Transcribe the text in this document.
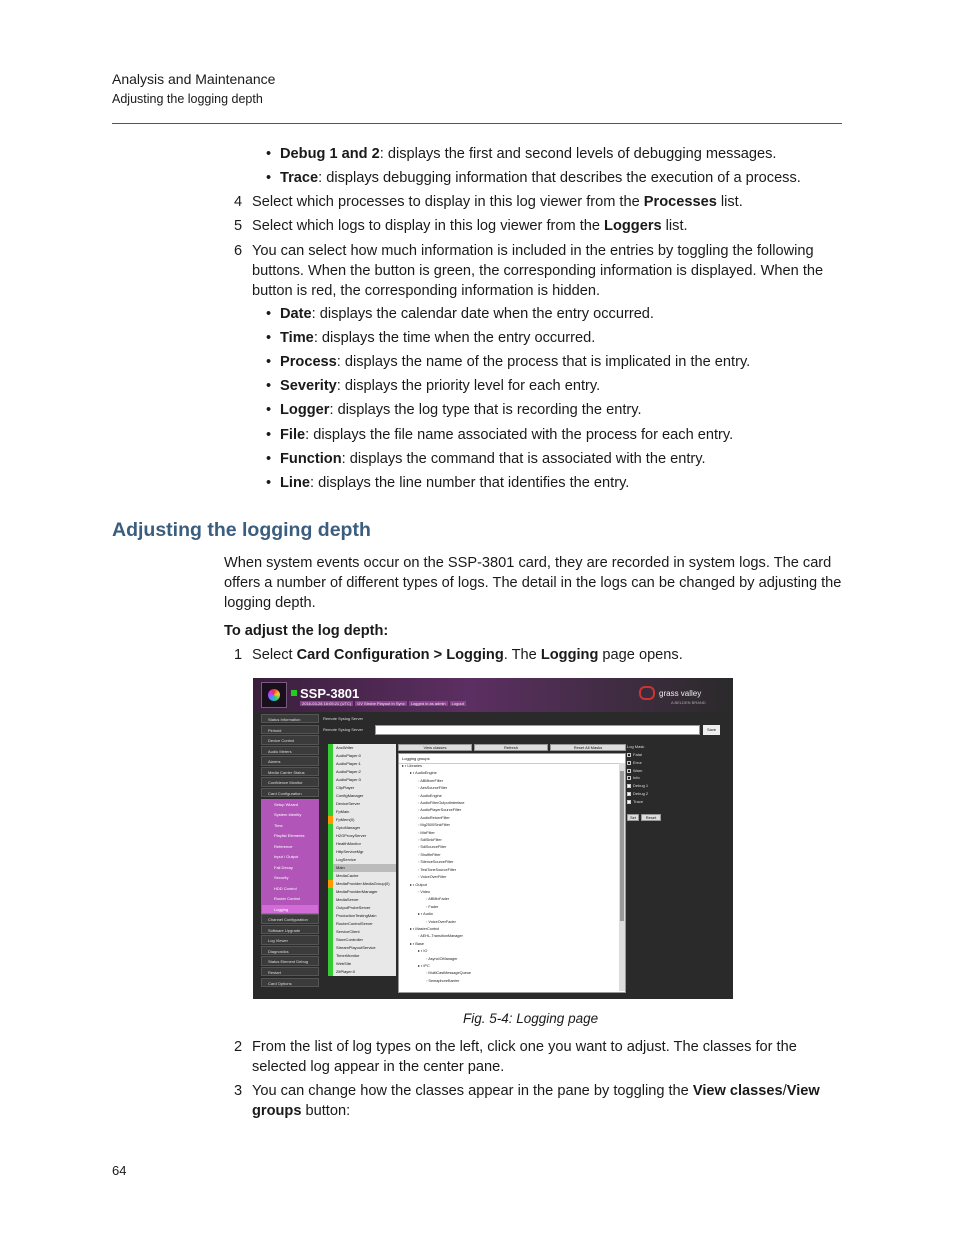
Analysis and Maintenance
Adjusting the logging depth
• Debug 1 and 2: displays the first and second levels of debugging messages.
• Trace: displays debugging information that describes the execution of a process.
4 Select which processes to display in this log viewer from the Processes list.
5 Select which logs to display in this log viewer from the Loggers list.
6 You can select how much information is included in the entries by toggling the following buttons. When the button is green, the corresponding information is displayed. When the button is red, the corresponding information is hidden.
• Date: displays the calendar date when the entry occurred.
• Time: displays the time when the entry occurred.
• Process: displays the name of the process that is implicated in the entry.
• Severity: displays the priority level for each entry.
• Logger: displays the log type that is recording the entry.
• File: displays the file name associated with the process for each entry.
• Function: displays the command that is associated with the entry.
• Line: displays the line number that identifies the entry.
Adjusting the logging depth
When system events occur on the SSP-3801 card, they are recorded in system logs. The card offers a number of different types of logs. The detail in the logs can be changed by adjusting the logging depth.
To adjust the log depth:
1 Select Card Configuration > Logging. The Logging page opens.
SSP-3801
2016-03-28 16:05:21 (UTC) GV Strobe Playout In Sync Logged in as admin Logout
grass valley
A BELDEN BRAND
Status Information
Pinhold
Device Control
Audio Meters
Alarms
Media Carrier Status
Confidence Monitor
Card Configuration
Setup Wizard
System Identity
Time
Playlist Elements
Reference
Input / Output
Fail Decay
Security
HDD Control
Router Control
Logging
Channel Configuration
Software Upgrade
Log Viewer
Diagnostics
Status Element Debug
Restart
Card Options
Remote Syslog Server
Remote Syslog Server	Save
AncWriter
AudioPlayer:0
AudioPlayer:1
AudioPlayer:2
AudioPlayer:3
ClipPlayer
ConfigManager
DeviceServer
FpMain
FpMem(0)
GpioManager
H2GProxyServer
HealthMonitor
HttpServiceMgr
LogService
Main
MediaCache
MediaProvider.MediaGroup(0)
MediaProviderManager
MediaServer
OutputProbeServer
ProductionTestingMain
RouterControlServer
ServiceClient
StoreController
StreamPlayoutService
TimerMonitor
WebSite
ZitPlayer:0
View classes	Refresh	Reset All Masks
Logging groups
▸ ▪ Libraries
▸ ▪ AudioEngine
◦ ABMixerFilter
◦ AesSourceFilter
◦ AudioEngine
◦ AudioFilterOutputInterface
◦ AudioPlayerSourceFilter
◦ AudioReturnFilter
◦ Mg2500SinkFilter
◦ MixFilter
◦ SdiSinkFilter
◦ SdiSourceFilter
◦ ShuffleFilter
◦ SilenceSourceFilter
◦ TestToneSourceFilter
◦ VoiceOverFilter
▸ ▪ Output
◦ Video
◦ ABMixFader
◦ Fader
▸ ▪ Audio
◦ VoiceOverFader
▸ ▪ MasterControl
◦ AEHL-TransitionManager
▸ ▪ Base
▸ ▪ IO
◦ AsyncIOManager
▸ ▪ IPC
◦ MultiCastMessageQueue
◦ SemaphoreBarrier
Log Mask
Fatal
Error
Warn
Info
Debug 1
Debug 2
Trace
Set	Reset
Fig. 5-4: Logging page
2 From the list of log types on the left, click one you want to adjust. The classes for the selected log appear in the center pane.
3 You can change how the classes appear in the pane by toggling the View classes/View groups button:
64
